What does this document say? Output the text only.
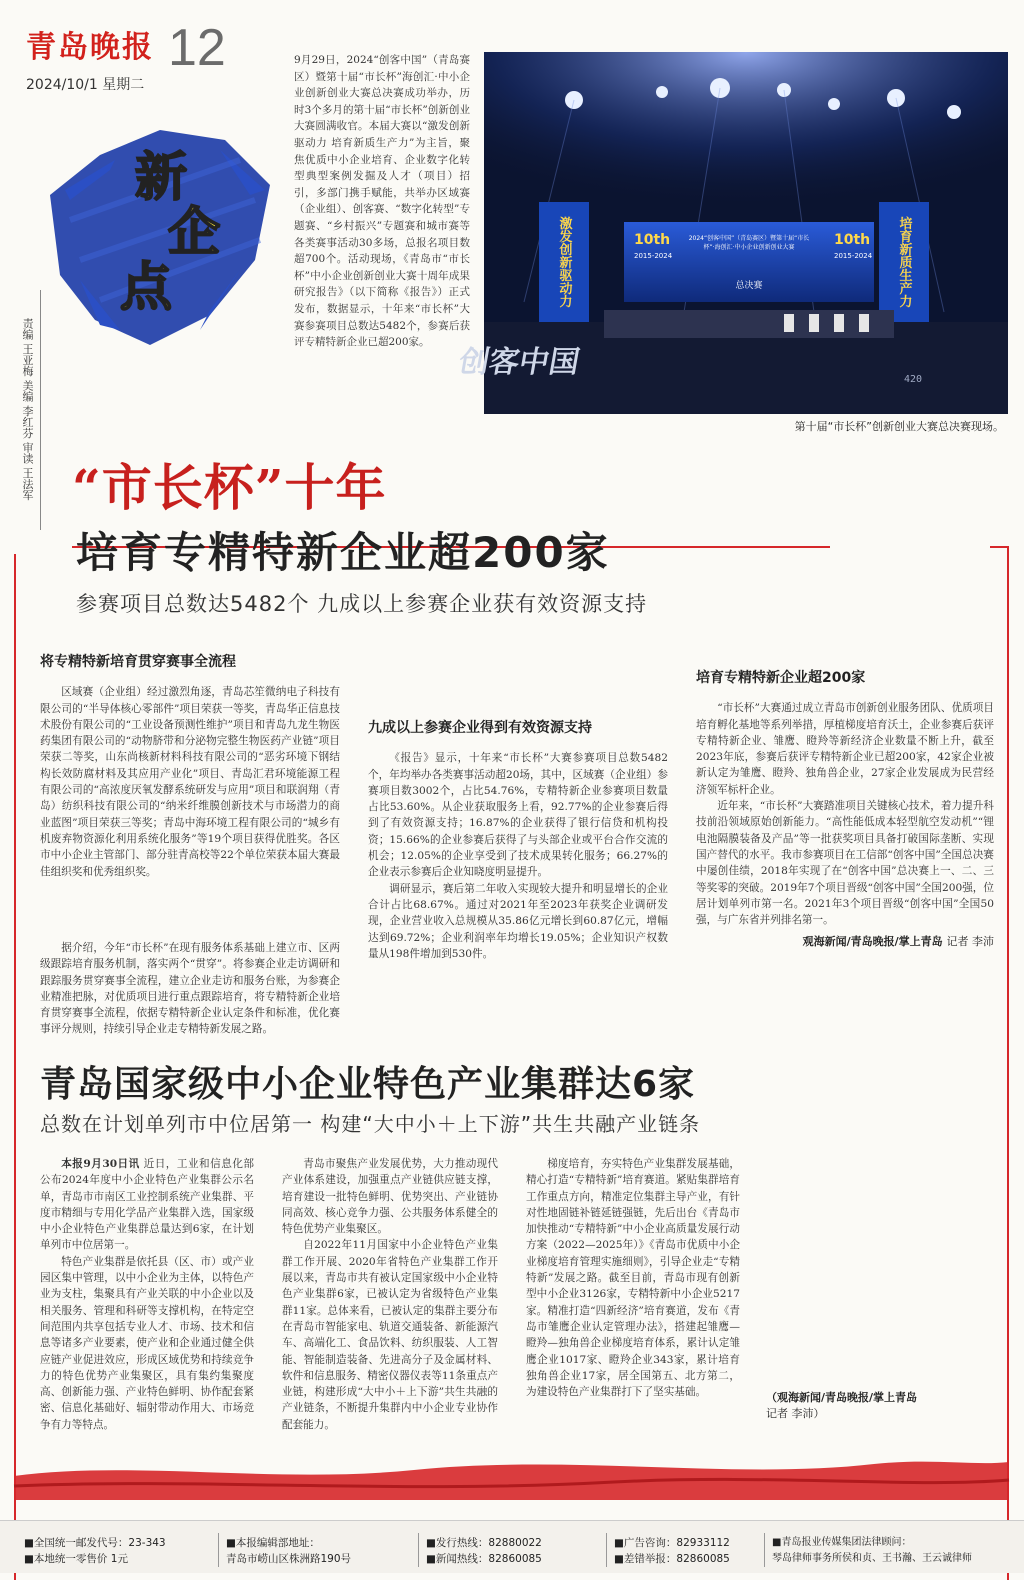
青岛晚报 12
2024/10/1 星期二
新
企
点
责编 王亚梅 美编 李红芬 审读 王法军
9月29日，2024“创客中国”（青岛赛区）暨第十届“市长杯”海创汇·中小企业创新创业大赛总决赛成功举办，历时3个多月的第十届“市长杯”创新创业大赛圆满收官。本届大赛以“激发创新驱动力 培育新质生产力”为主旨，聚焦优质中小企业培育、企业数字化转型典型案例发掘及人才（项目）招引，多部门携手赋能，共举办区域赛（企业组）、创客赛、“数字化转型”专题赛、“乡村振兴”专题赛和城市赛等各类赛事活动30多场，总报名项目数超700个。活动现场，《青岛市“市长杯”中小企业创新创业大赛十周年成果研究报告》（以下简称《报告》）正式发布，数据显示，十年来“市长杯”大赛参赛项目总数达5482个，参赛后获评专精特新企业已超200家。
激发创新驱动力	培育新质生产力
10th
2015-2024
10th
2015-2024
2024“创客中国”（青岛赛区）暨第十届“市长杯”·海创汇·中小企业创新创业大赛
总决赛
创客中国	420
第十届“市长杯”创新创业大赛总决赛现场。
“市长杯”十年
培育专精特新企业超200家
参赛项目总数达5482个 九成以上参赛企业获有效资源支持
将专精特新培育贯穿赛事全流程

区域赛（企业组）经过激烈角逐，青岛芯笙微纳电子科技有限公司的“半导体核心零部件”项目荣获一等奖，青岛华正信息技术股份有限公司的“工业设备预测性维护”项目和青岛九龙生物医药集团有限公司的“动物脐带和分泌物完整生物医药产业链”项目荣获二等奖，山东尚核新材料科技有限公司的“恶劣环境下钢结构长效防腐材料及其应用产业化”项目、青岛汇君环境能源工程有限公司的“高浓度厌氧发酵系统研发与应用”项目和联润翔（青岛）纺织科技有限公司的“纳米纤维膜创新技术与市场潜力的商业蓝图”项目荣获三等奖；青岛中海环境工程有限公司的“城乡有机废弃物资源化利用系统化服务”等19个项目获得优胜奖。各区市中小企业主管部门、部分驻青高校等22个单位荣获本届大赛最佳组织奖和优秀组织奖。

据介绍，今年“市长杯”在现有服务体系基础上建立市、区两级跟踪培育服务机制，落实两个“贯穿”。将参赛企业走访调研和跟踪服务贯穿赛事全流程，建立企业走访和服务台账，为参赛企业精准把脉，对优质项目进行重点跟踪培育，将专精特新企业培育贯穿赛事全流程，依据专精特新企业认定条件和标准，优化赛事评分规则，持续引导企业走专精特新发展之路。

九成以上参赛企业得到有效资源支持

《报告》显示，十年来“市长杯”大赛参赛项目总数5482个，年均举办各类赛事活动超20场，其中，区域赛（企业组）参赛项目数3002个，占比54.76%，专精特新企业参赛项目数量占比53.60%。从企业获取服务上看，92.77%的企业参赛后得到了有效资源支持；16.87%的企业获得了银行信贷和机构投资；15.66%的企业参赛后获得了与头部企业或平台合作交流的机会；12.05%的企业享受到了技术成果转化服务；66.27%的企业表示参赛后企业知晓度明显提升。

调研显示，赛后第二年收入实现较大提升和明显增长的企业合计占比68.67%。通过对2021年至2023年获奖企业调研发现，企业营业收入总规模从35.86亿元增长到60.87亿元，增幅达到69.72%；企业利润率年均增长19.05%；企业知识产权数量从198件增加到530件。

培育专精特新企业超200家

“市长杯”大赛通过成立青岛市创新创业服务团队、优质项目培育孵化基地等系列举措，厚植梯度培育沃土，企业参赛后获评专精特新企业、雏鹰、瞪羚等新经济企业数量不断上升，截至2023年底，参赛后获评专精特新企业已超200家，42家企业被新认定为雏鹰、瞪羚、独角兽企业，27家企业发展成为民营经济领军标杆企业。

近年来，“市长杯”大赛踏准项目关键核心技术，着力提升科技前沿领域原始创新能力。“高性能低成本轻型航空发动机”“锂电池隔膜装备及产品”等一批获奖项目具备打破国际垄断、实现国产替代的水平。我市参赛项目在工信部“创客中国”全国总决赛中屡创佳绩，2018年实现了在“创客中国”总决赛上一、二、三等奖零的突破。2019年7个项目晋级“创客中国”全国200强，位居计划单列市第一名。2021年3个项目晋级“创客中国”全国50强，与广东省并列排名第一。

观海新闻/青岛晚报/掌上青岛 记者 李沛
青岛国家级中小企业特色产业集群达6家
总数在计划单列市中位居第一 构建“大中小＋上下游”共生共融产业链条

本报9月30日讯 近日，工业和信息化部公布2024年度中小企业特色产业集群公示名单，青岛市市南区工业控制系统产业集群、平度市精细与专用化学品产业集群入选，国家级中小企业特色产业集群总量达到6家，在计划单列市中位居第一。

特色产业集群是依托县（区、市）或产业园区集中管理，以中小企业为主体，以特色产业为支柱，集聚具有产业关联的中小企业以及相关服务、管理和科研等支撑机构，在特定空间范围内共享包括专业人才、市场、技术和信息等诸多产业要素，使产业和企业通过健全供应链产业促进效应，形成区域优势和持续竞争力的特色优势产业集聚区，具有集约集聚度高、创新能力强、产业特色鲜明、协作配套紧密、信息化基础好、辐射带动作用大、市场竞争有力等特点。

青岛市聚焦产业发展优势，大力推动现代产业体系建设，加强重点产业链供应链支撑，培育建设一批特色鲜明、优势突出、产业链协同高效、核心竞争力强、公共服务体系健全的特色优势产业集聚区。

自2022年11月国家中小企业特色产业集群工作开展、2020年省特色产业集群工作开展以来，青岛市共有被认定国家级中小企业特色产业集群6家，已被认定为省级特色产业集群11家。总体来看，已被认定的集群主要分布在青岛市智能家电、轨道交通装备、新能源汽车、高端化工、食品饮料、纺织服装、人工智能、智能制造装备、先进高分子及金属材料、软件和信息服务、精密仪器仪表等11条重点产业链，构建形成“大中小＋上下游”共生共融的产业链条，不断提升集群内中小企业专业协作配套能力。

梯度培育，夯实特色产业集群发展基础，精心打造“专精特新”培育赛道。紧贴集群培育工作重点方向，精准定位集群主导产业，有针对性地固链补链延链强链，先后出台《青岛市加快推动“专精特新”中小企业高质量发展行动方案（2022—2025年）》《青岛市优质中小企业梯度培育管理实施细则》，引导企业走“专精特新”发展之路。截至目前，青岛市现有创新型中小企业3126家，专精特新中小企业5217家。精准打造“四新经济”培育赛道，发布《青岛市雏鹰企业认定管理办法》，搭建起雏鹰—瞪羚—独角兽企业梯度培育体系，累计认定雏鹰企业1017家、瞪羚企业343家，累计培育独角兽企业17家，居全国第五、北方第二，为建设特色产业集群打下了坚实基础。	（观海新闻/青岛晚报/掌上青岛
记者 李沛）
■全国统一邮发代号：23-343
■本地统一零售价 1元
■本报编辑部地址：
青岛市崂山区株洲路190号
■发行热线：82880022
■新闻热线：82860085
■广告咨询：82933112
■差错举报：82860085
■青岛报业传媒集团法律顾问：
琴岛律师事务所侯和贞、王书瀚、王云诚律师
